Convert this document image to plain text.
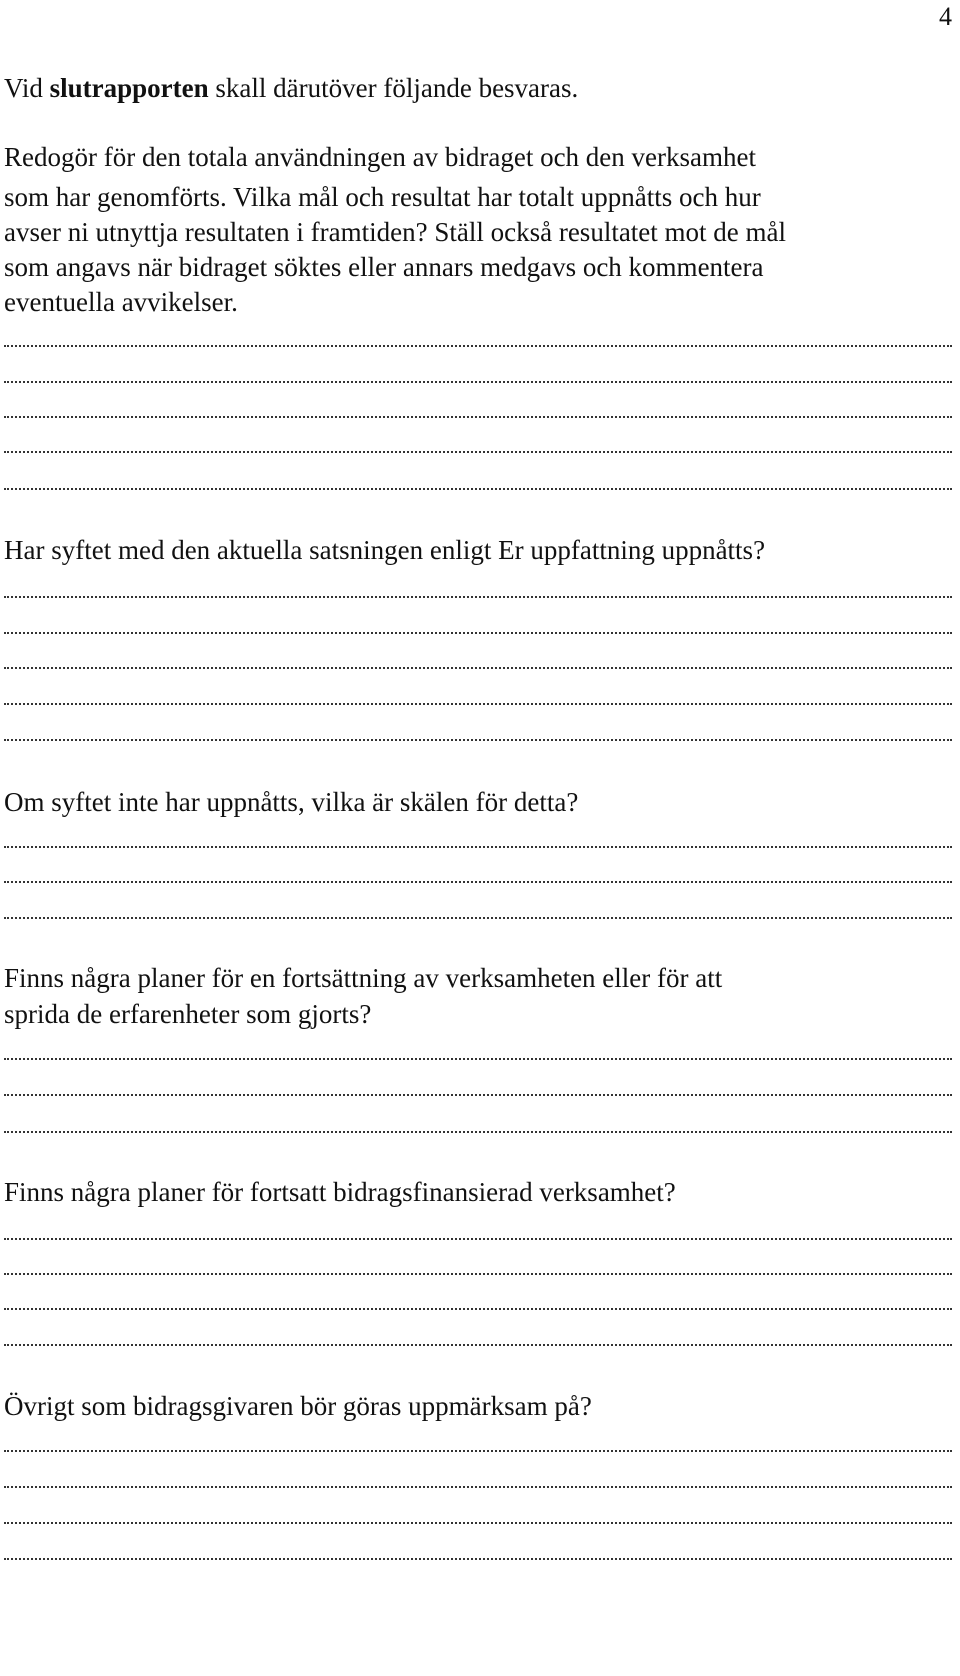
4
Vid slutrapporten skall därutöver följande besvaras.
Redogör för den totala användningen av bidraget och den verksamhet
som har genomförts. Vilka mål och resultat har totalt uppnåtts och hur
avser ni utnyttja resultaten i framtiden? Ställ också resultatet mot de mål
som angavs när bidraget söktes eller annars medgavs och kommentera
eventuella avvikelser.
Har syftet med den aktuella satsningen enligt Er uppfattning uppnåtts?
Om syftet inte har uppnåtts, vilka är skälen för detta?
Finns några planer för en fortsättning av verksamheten eller för att
sprida de erfarenheter som gjorts?
Finns några planer för fortsatt bidragsfinansierad verksamhet?
Övrigt som bidragsgivaren bör göras uppmärksam på?
